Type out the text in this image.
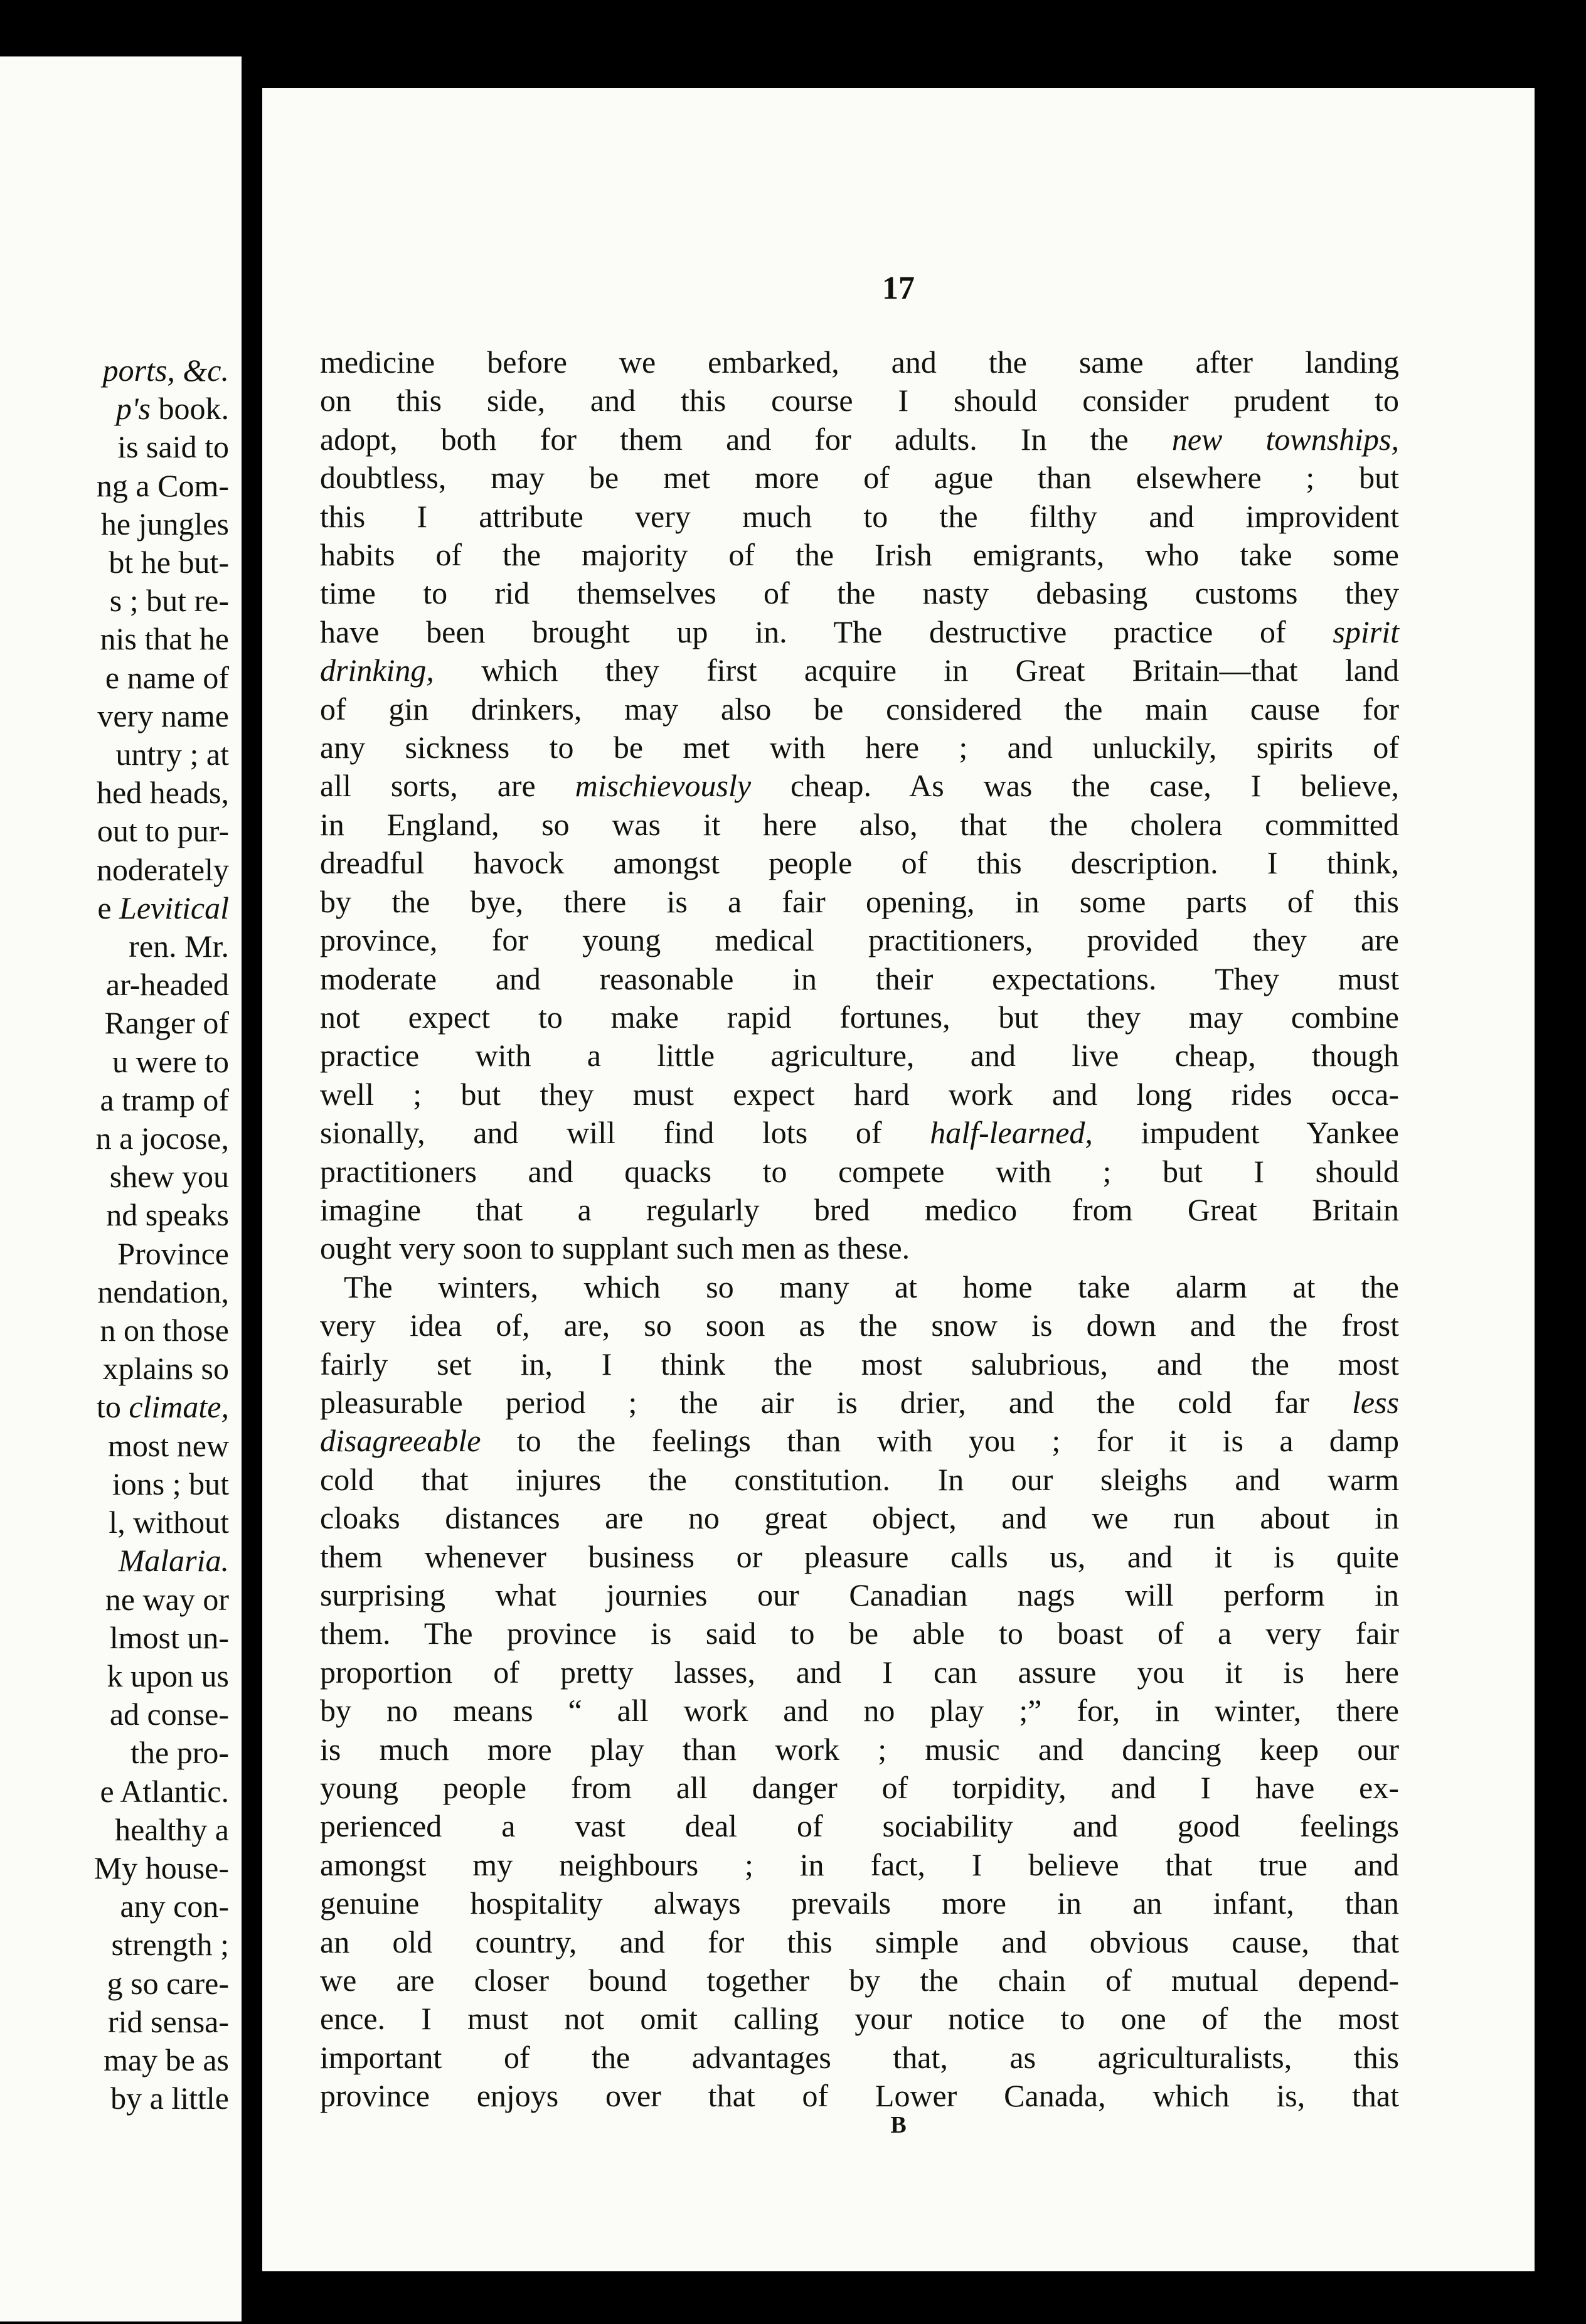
ports, &c.
p's book.
is said to
ng a Com-
he jungles
bt he but-
s ; but re-
nis that he
e name of
very name
untry ; at
hed heads,
out to pur-
noderately
e Levitical
ren. Mr.
ar-headed
Ranger of
u were to
a tramp of
n a jocose,
shew you
nd speaks
Province
nendation,
n on those
xplains so
to climate,
most new
ions ; but
l, without
Malaria.
ne way or
lmost un-
k upon us
ad conse-
the pro-
e Atlantic.
healthy a
My house-
any con-
strength ;
g so care-
rid sensa-
may be as
by a little
17
medicine before we embarked, and the same after landing
on this side, and this course I should consider prudent to
adopt, both for them and for adults. In the new townships,
doubtless, may be met more of ague than elsewhere ; but
this I attribute very much to the filthy and improvident
habits of the majority of the Irish emigrants, who take some
time to rid themselves of the nasty debasing customs they
have been brought up in. The destructive practice of spirit
drinking, which they first acquire in Great Britain—that land
of gin drinkers, may also be considered the main cause for
any sickness to be met with here ; and unluckily, spirits of
all sorts, are mischievously cheap. As was the case, I believe,
in England, so was it here also, that the cholera committed
dreadful havock amongst people of this description. I think,
by the bye, there is a fair opening, in some parts of this
province, for young medical practitioners, provided they are
moderate and reasonable in their expectations. They must
not expect to make rapid fortunes, but they may combine
practice with a little agriculture, and live cheap, though
well ; but they must expect hard work and long rides occa-
sionally, and will find lots of half-learned, impudent Yankee
practitioners and quacks to compete with ; but I should
imagine that a regularly bred medico from Great Britain
ought very soon to supplant such men as these.
The winters, which so many at home take alarm at the
very idea of, are, so soon as the snow is down and the frost
fairly set in, I think the most salubrious, and the most
pleasurable period ; the air is drier, and the cold far less
disagreeable to the feelings than with you ; for it is a damp
cold that injures the constitution. In our sleighs and warm
cloaks distances are no great object, and we run about in
them whenever business or pleasure calls us, and it is quite
surprising what journies our Canadian nags will perform in
them. The province is said to be able to boast of a very fair
proportion of pretty lasses, and I can assure you it is here
by no means “ all work and no play ;” for, in winter, there
is much more play than work ; music and dancing keep our
young people from all danger of torpidity, and I have ex-
perienced a vast deal of sociability and good feelings
amongst my neighbours ; in fact, I believe that true and
genuine hospitality always prevails more in an infant, than
an old country, and for this simple and obvious cause, that
we are closer bound together by the chain of mutual depend-
ence. I must not omit calling your notice to one of the most
important of the advantages that, as agriculturalists, this
province enjoys over that of Lower Canada, which is, that
B
